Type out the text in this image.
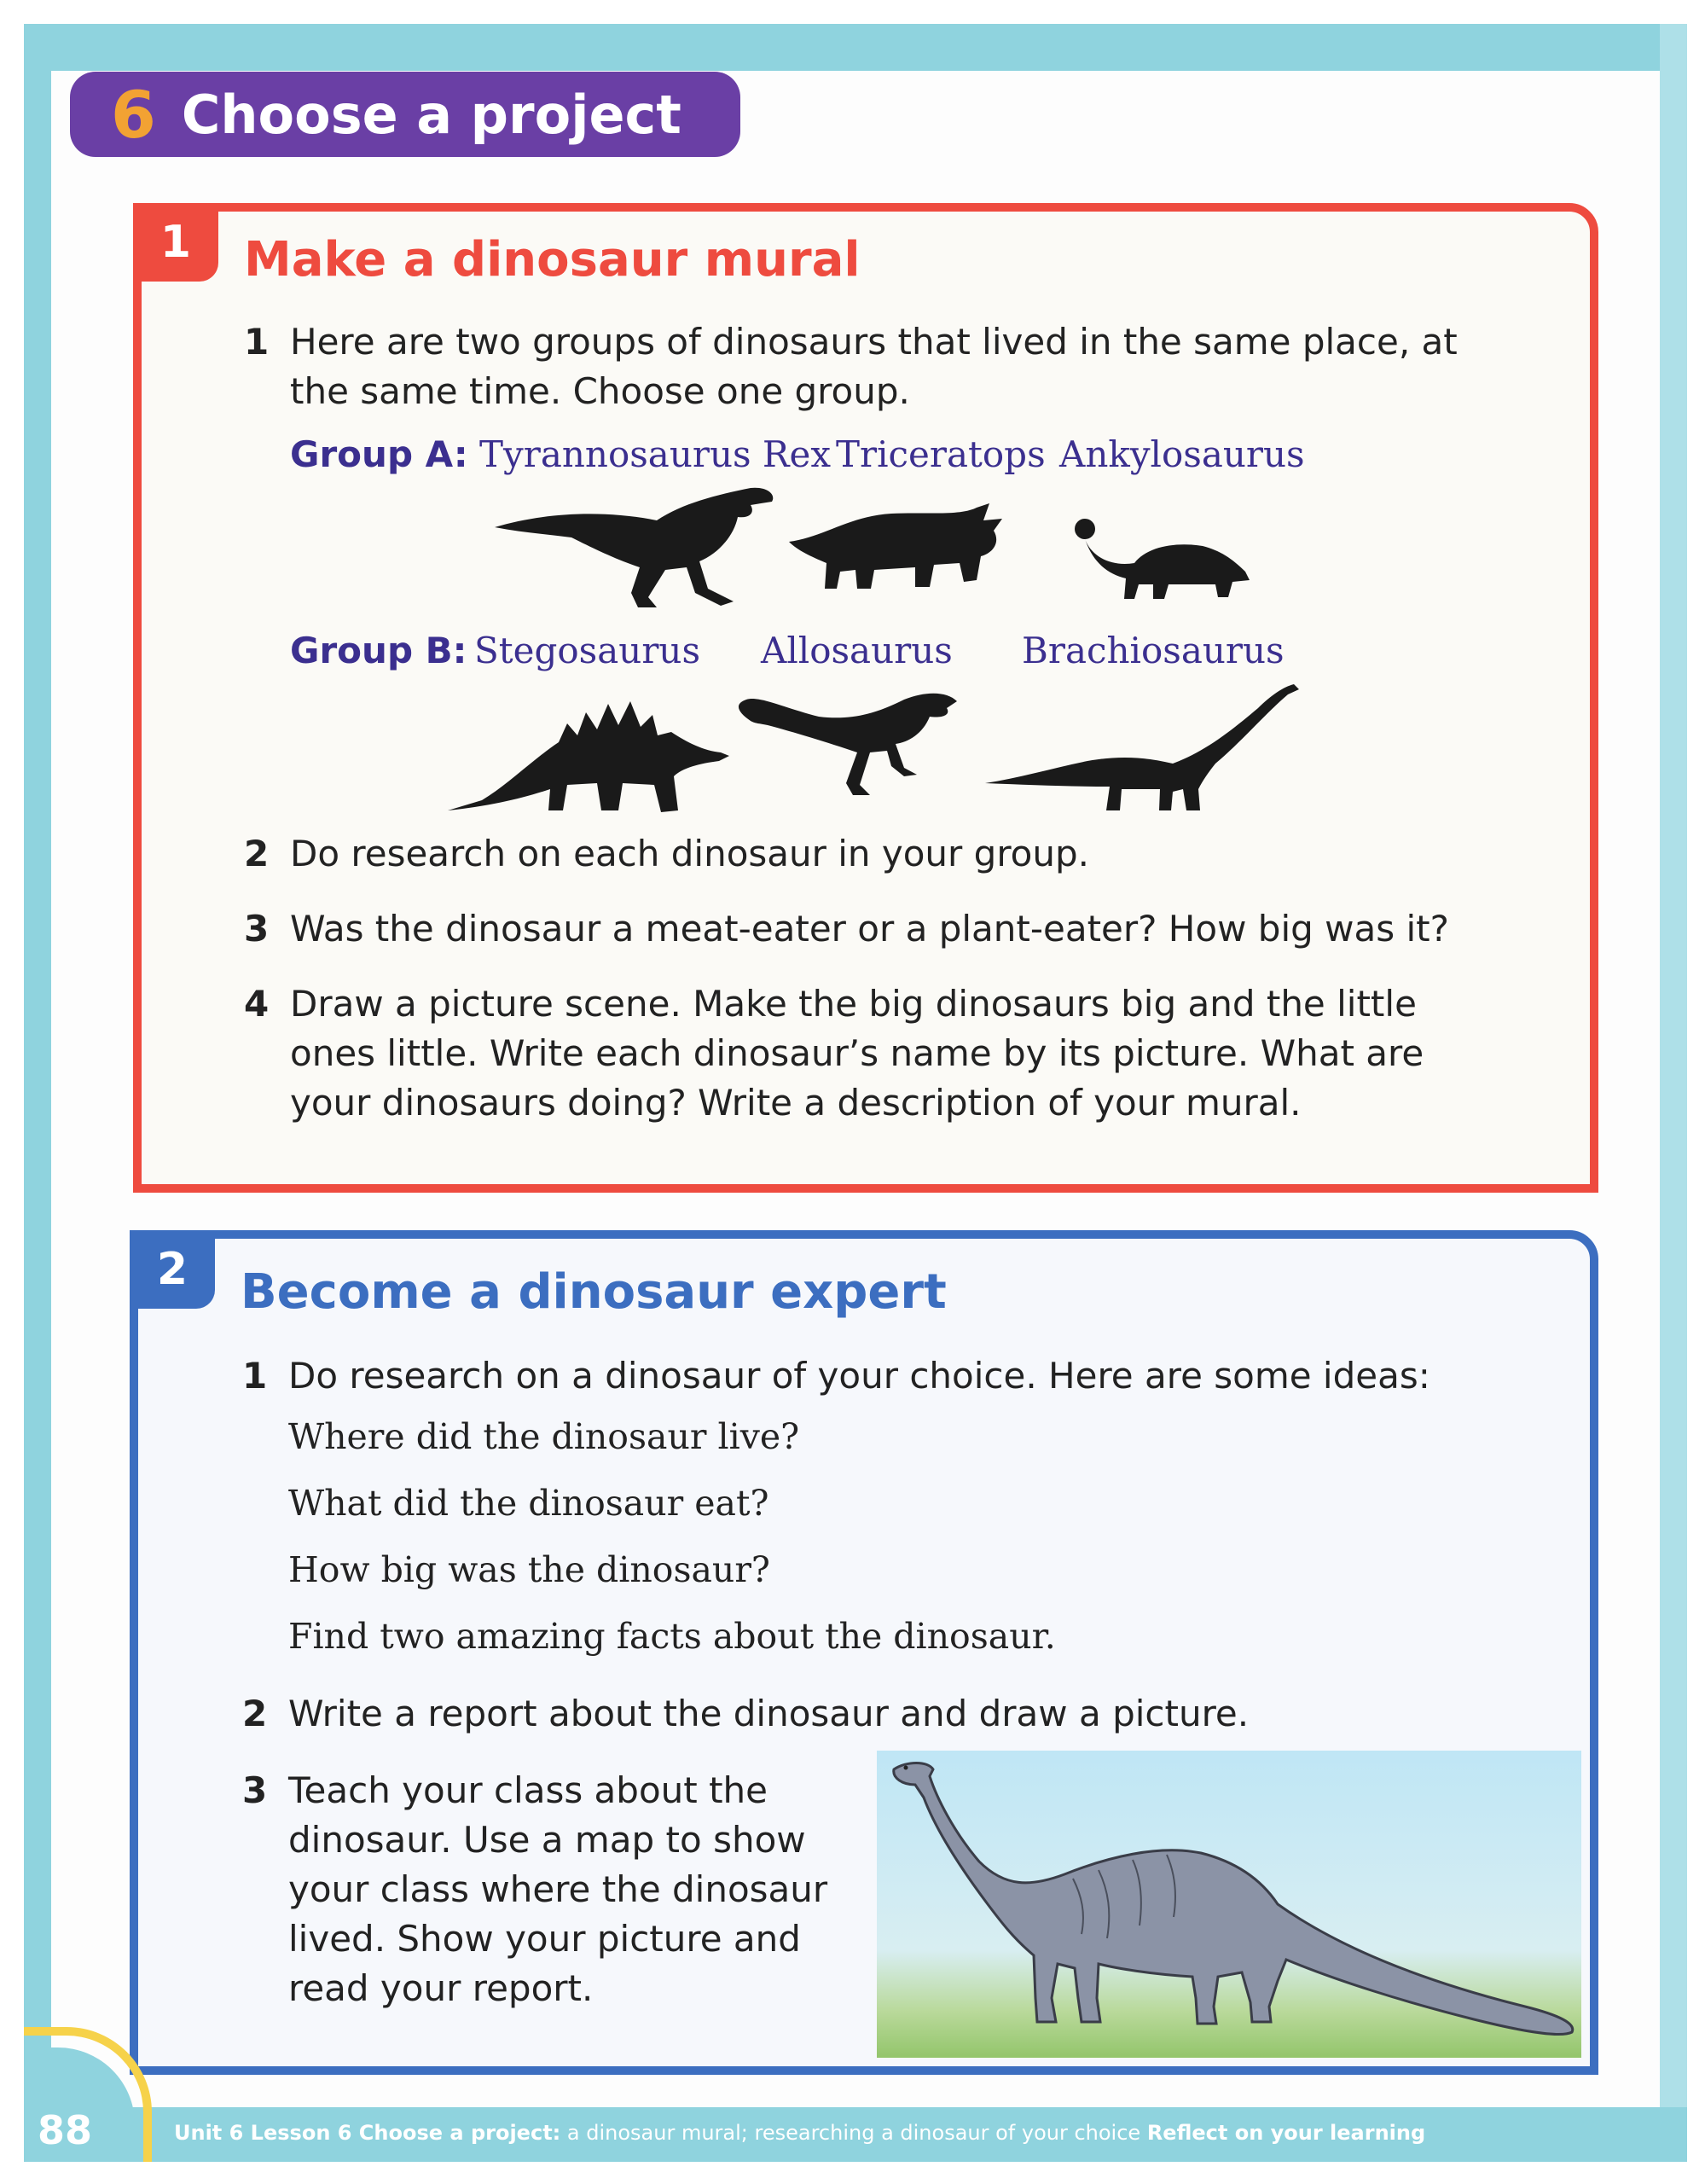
6 Choose a project
1	Make a dinosaur mural
1 Here are two groups of dinosaurs that lived in the same place, at
the same time. Choose one group.
Group A: Tyrannosaurus Rex Triceratops Ankylosaurus
Group B: Stegosaurus Allosaurus Brachiosaurus
2 Do research on each dinosaur in your group.
3 Was the dinosaur a meat-eater or a plant-eater? How big was it?
4 Draw a picture scene. Make the big dinosaurs big and the little
ones little. Write each dinosaur’s name by its picture. What are
your dinosaurs doing? Write a description of your mural.
2	Become a dinosaur expert
1 Do research on a dinosaur of your choice. Here are some ideas:
Where did the dinosaur live?
What did the dinosaur eat?
How big was the dinosaur?
Find two amazing facts about the dinosaur.
2 Write a report about the dinosaur and draw a picture.
3 Teach your class about the
dinosaur. Use a map to show
your class where the dinosaur
lived. Show your picture and
read your report.
88	Unit 6 Lesson 6 Choose a project: a dinosaur mural; researching a dinosaur of your choice Reflect on your learning
